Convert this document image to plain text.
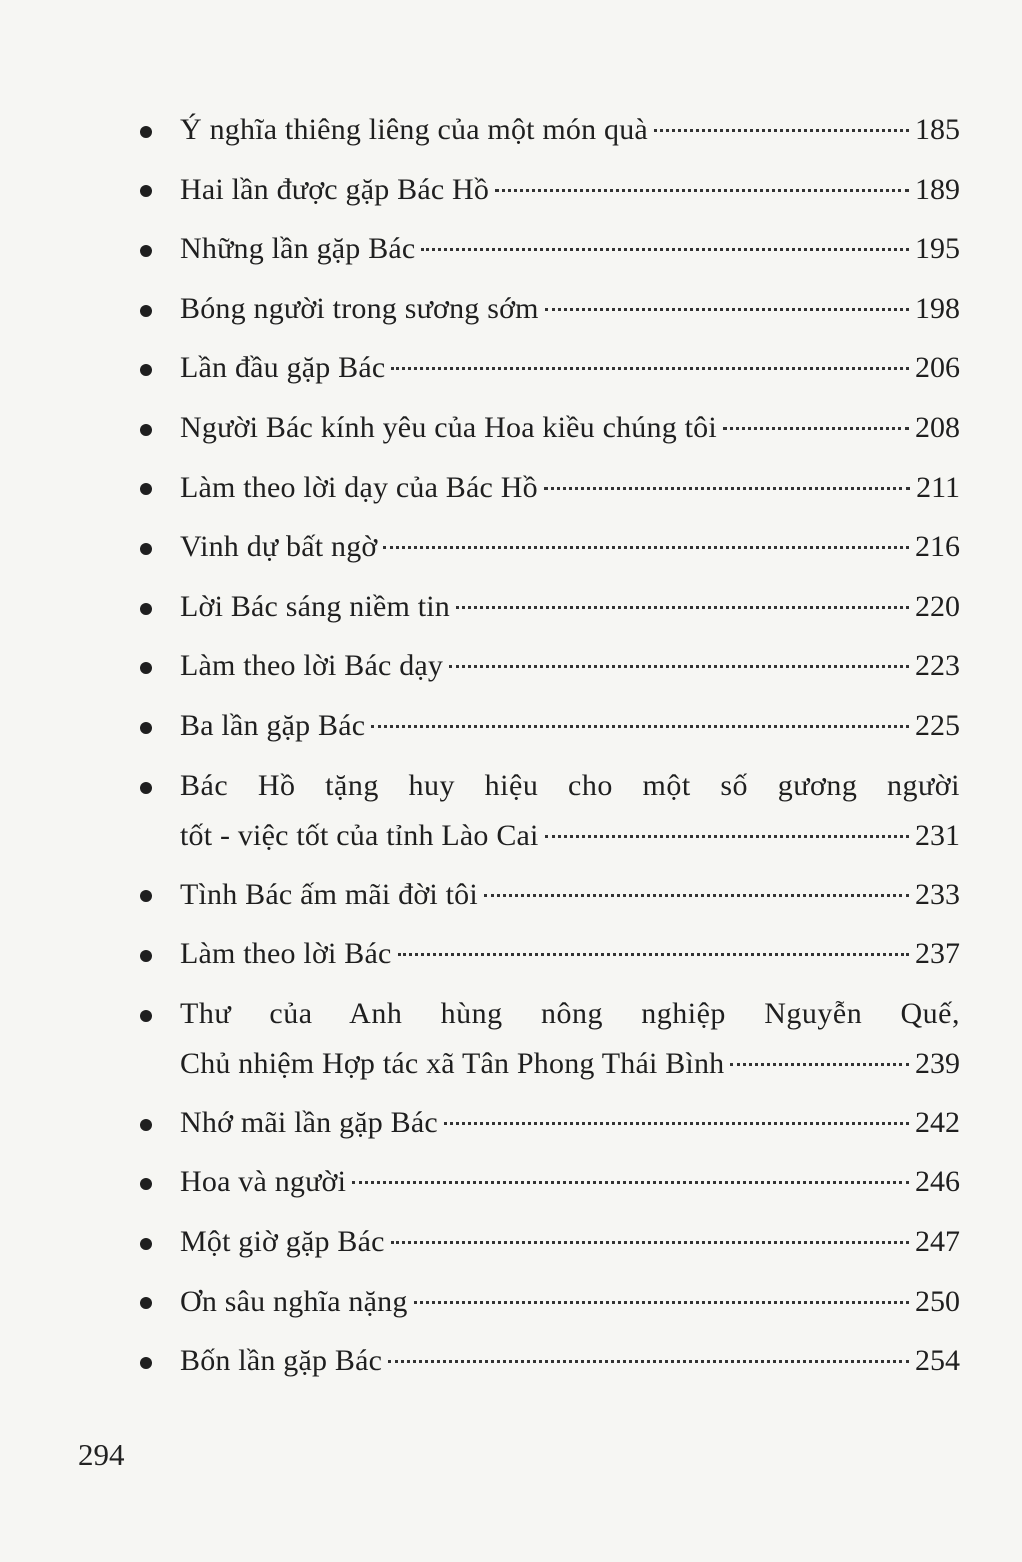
Ý nghĩa thiêng liêng của một món quà	185
Hai lần được gặp Bác Hồ	189
Những lần gặp Bác	195
Bóng người trong sương sớm	198
Lần đầu gặp Bác	206
Người Bác kính yêu của Hoa kiều chúng tôi	208
Làm theo lời dạy của Bác Hồ	211
Vinh dự bất ngờ	216
Lời Bác sáng niềm tin	220
Làm theo lời Bác dạy	223
Ba lần gặp Bác	225
Bác Hồ tặng huy hiệu cho một số gương người
tốt - việc tốt của tỉnh Lào Cai	231
Tình Bác ấm mãi đời tôi	233
Làm theo lời Bác	237
Thư của Anh hùng nông nghiệp Nguyễn Quế,
Chủ nhiệm Hợp tác xã Tân Phong Thái Bình	239
Nhớ mãi lần gặp Bác	242
Hoa và người	246
Một giờ gặp Bác	247
Ơn sâu nghĩa nặng	250
Bốn lần gặp Bác	254
294
